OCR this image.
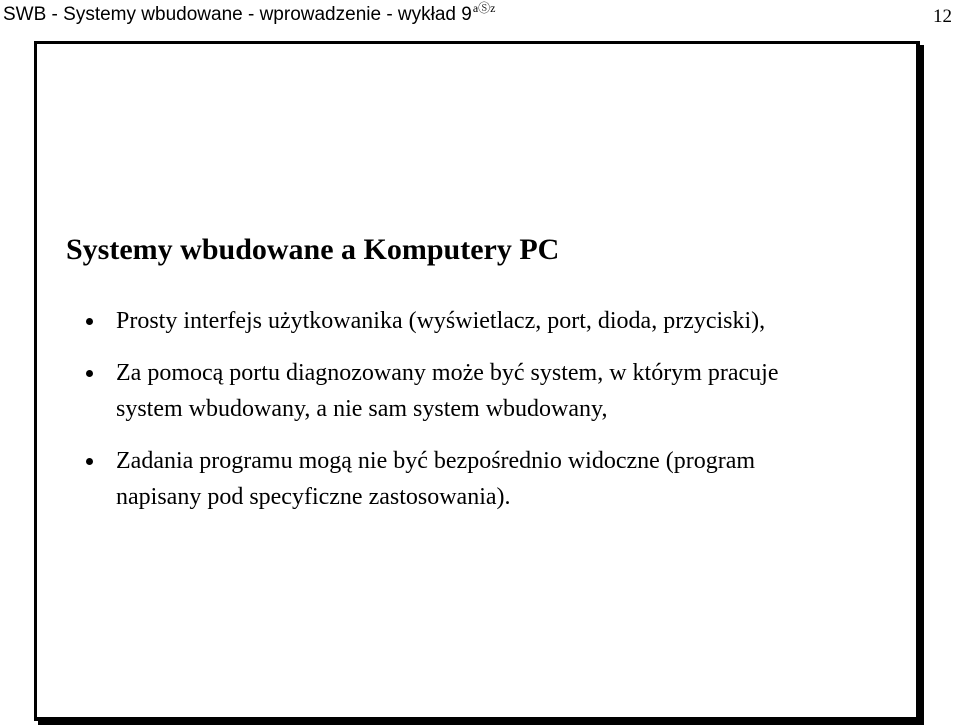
SWB - Systemy wbudowane - wprowadzenie - wykład $9^{aⓈz}$	12
Systemy wbudowane a Komputery PC
Prosty interfejs użytkowanika (wyświetlacz, port, dioda, przyciski),
Za pomocą portu diagnozowany może być system, w którym pracuje
system wbudowany, a nie sam system wbudowany,
Zadania programu mogą nie być bezpośrednio widoczne (program
napisany pod specyficzne zastosowania).
